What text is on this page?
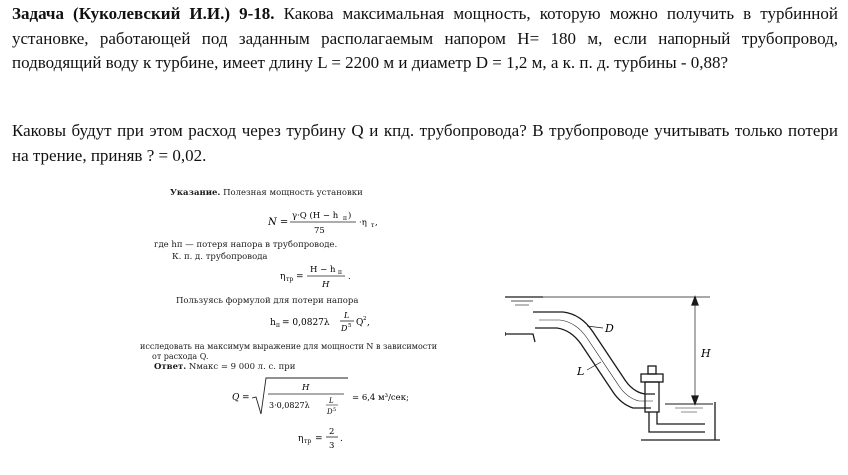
Задача (Куколевский И.И.) 9-18. Какова максимальная мощность, которую можно получить в турбинной установке, работающей под заданным располагаемым напором H= 180 м, если напорный трубопровод, подводящий воду к турбине, имеет длину L = 2200 м и диаметр D = 1,2 м, а к. п. д. турбины - 0,88?

Каковы будут при этом расход через турбину Q и кпд. трубопровода? В трубопроводе учитывать только потери на трение, приняв ? = 0,02.

Указание. Полезная мощность установки
N =
γ·Q (H − h п )
75
·η т ,
где hп — потеря напора в трубопроводе.
К. п. д. трубопровода
η тр =
H − h п
H
.
Пользуясь формулой для потери напора
h п = 0,0827λ
L
D 5 Q 2 ,
исследовать на максимум выражение для мощности N в зависимости
от расхода Q.
Ответ. Nмакс = 9 000 л. с. при
Q =
H
3·0,0827λ	L
D 5
= 6,4 м³/сек;
η тр =
2
3
.
D
L
H
